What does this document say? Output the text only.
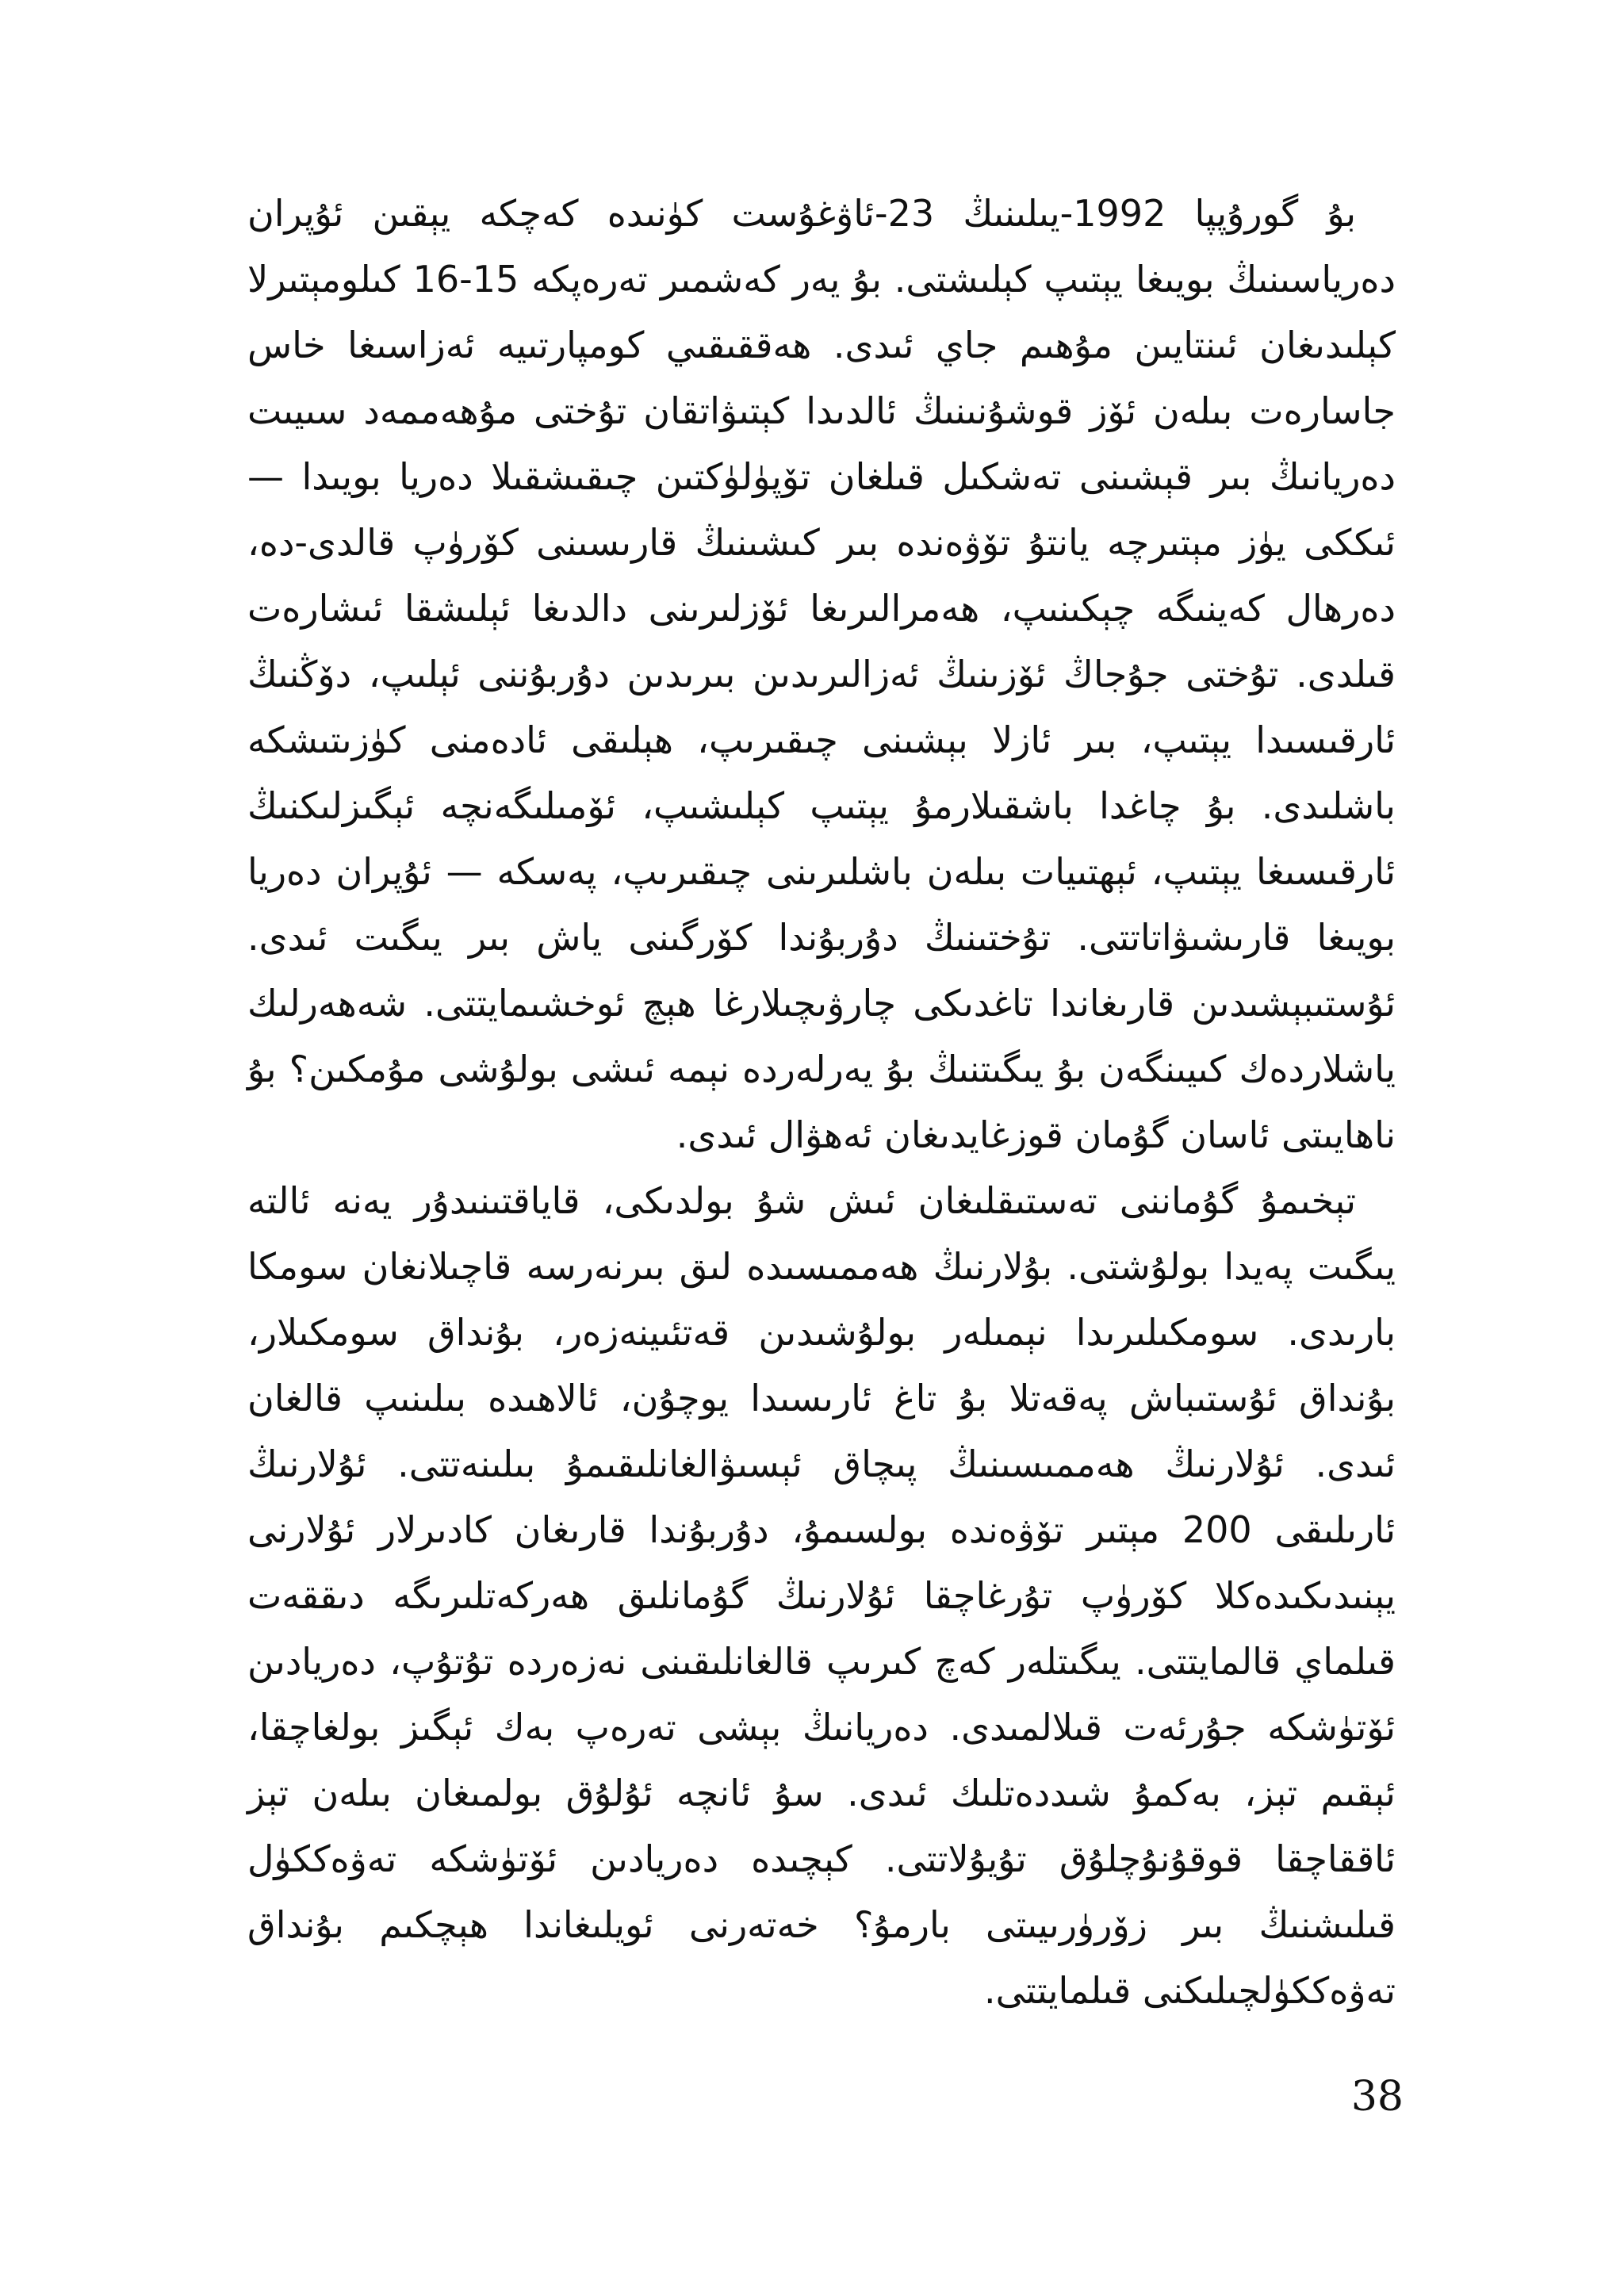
بۇ گورۇپپا 1992-يىلىنىڭ 23-ئاۋغۇست كۈنىدە كەچكە يېقىن ئۇپران دەرياسىنىڭ بويىغا يېتىپ كېلىشتى. بۇ يەر كەشمىر تەرەپكە 15-16 كىلومېتىرلا كېلىدىغان ئىنتايىن مۇھىم جاي ئىدى. ھەققىقىي كومپارتىيە ئەزاسىغا خاس جاسارەت بىلەن ئۆز قوشۇنىنىڭ ئالدىدا كېتىۋاتقان تۇختى مۇھەممەد سىيىت دەريانىڭ بىر قېشىنى تەشكىل قىلغان تۆپۈلۈكتىن چىقىشقىلا دەريا بويىدا — ئىككى يۈز مېتىرچە يانتۇ تۆۋەندە بىر كىشىنىڭ قارىسىنى كۆرۈپ قالدى-دە، دەرھال كەينىگە چېكىنىپ، ھەمرالىرىغا ئۆزلىرىنى دالدىغا ئېلىشقا ئىشارەت قىلدى. تۇختى جۇجاڭ ئۆزىنىڭ ئەزالىرىدىن بىرىدىن دۇربۇننى ئېلىپ، دۆڭنىڭ ئارقىسىدا يېتىپ، بىر ئازلا بېشىنى چىقىرىپ، ھېلىقى ئادەمنى كۈزىتىشكە باشلىدى. بۇ چاغدا باشقىلارمۇ يېتىپ كېلىشىپ، ئۆمىلىگەنچە ئېگىزلىكنىڭ ئارقىسىغا يېتىپ، ئېھتىيات بىلەن باشلىرىنى چىقىرىپ، پەسكە — ئۇپران دەريا بويىغا قارىشىۋاتاتتى. تۇختىنىڭ دۇربۇندا كۆرگىنى ياش بىر يىگىت ئىدى. ئۇستىبېشىدىن قارىغاندا تاغدىكى چارۋىچىلارغا ھېچ ئوخشىمايتتى. شەھەرلىك ياشلاردەك كىيىنگەن بۇ يىگىتنىڭ بۇ يەرلەردە نېمە ئىشى بولۇشى مۇمكىن؟ بۇ ناھايىتى ئاسان گۇمان قوزغايدىغان ئەھۋال ئىدى.

تېخىمۇ گۇماننى تەستىقلىغان ئىش شۇ بولدىكى، قاياقتىنىدۇر يەنە ئالتە يىگىت پەيدا بولۇشتى. بۇلارنىڭ ھەممىسىدە لىق بىرنەرسە قاچىلانغان سومكا بارىدى. سومكىلىرىدا نېمىلەر بولۇشىدىن قەتئىينەزەر، بۇنداق سومكىلار، بۇنداق ئۇستىباش پەقەتلا بۇ تاغ ئارىسىدا يوچۇن، ئالاھىدە بىلىنىپ قالغان ئىدى. ئۇلارنىڭ ھەممىسىنىڭ پىچاق ئېسىۋالغانلىقىمۇ بىلىنەتتى. ئۇلارنىڭ ئارىلىقى 200 مېتىر تۆۋەندە بولسىمۇ، دۇربۇندا قارىغان كادىرلار ئۇلارنى يېنىدىكىدەكلا كۆرۈپ تۇرغاچقا ئۇلارنىڭ گۇمانلىق ھەركەتلىرىگە دىققەت قىلماي قالمايتتى. يىگىتلەر كەچ كىرىپ قالغانلىقىنى نەزەردە تۇتۇپ، دەريادىن ئۆتۈشكە جۇرئەت قىلالمىدى. دەريانىڭ بېشى تەرەپ بەك ئېگىز بولغاچقا، ئېقىم تېز، بەكمۇ شىددەتلىك ئىدى. سۇ ئانچە ئۇلۇق بولمىغان بىلەن تېز ئاققاچقا قوقۇنۇچلۇق تۇيۇلاتتى. كېچىدە دەريادىن ئۆتۈشكە تەۋەككۈل قىلىشنىڭ بىر زۆرۈرىيىتى بارمۇ؟ خەتەرنى ئويلىغاندا ھېچكىم بۇنداق تەۋەككۈلچىلىكنى قىلمايتتى.

38
